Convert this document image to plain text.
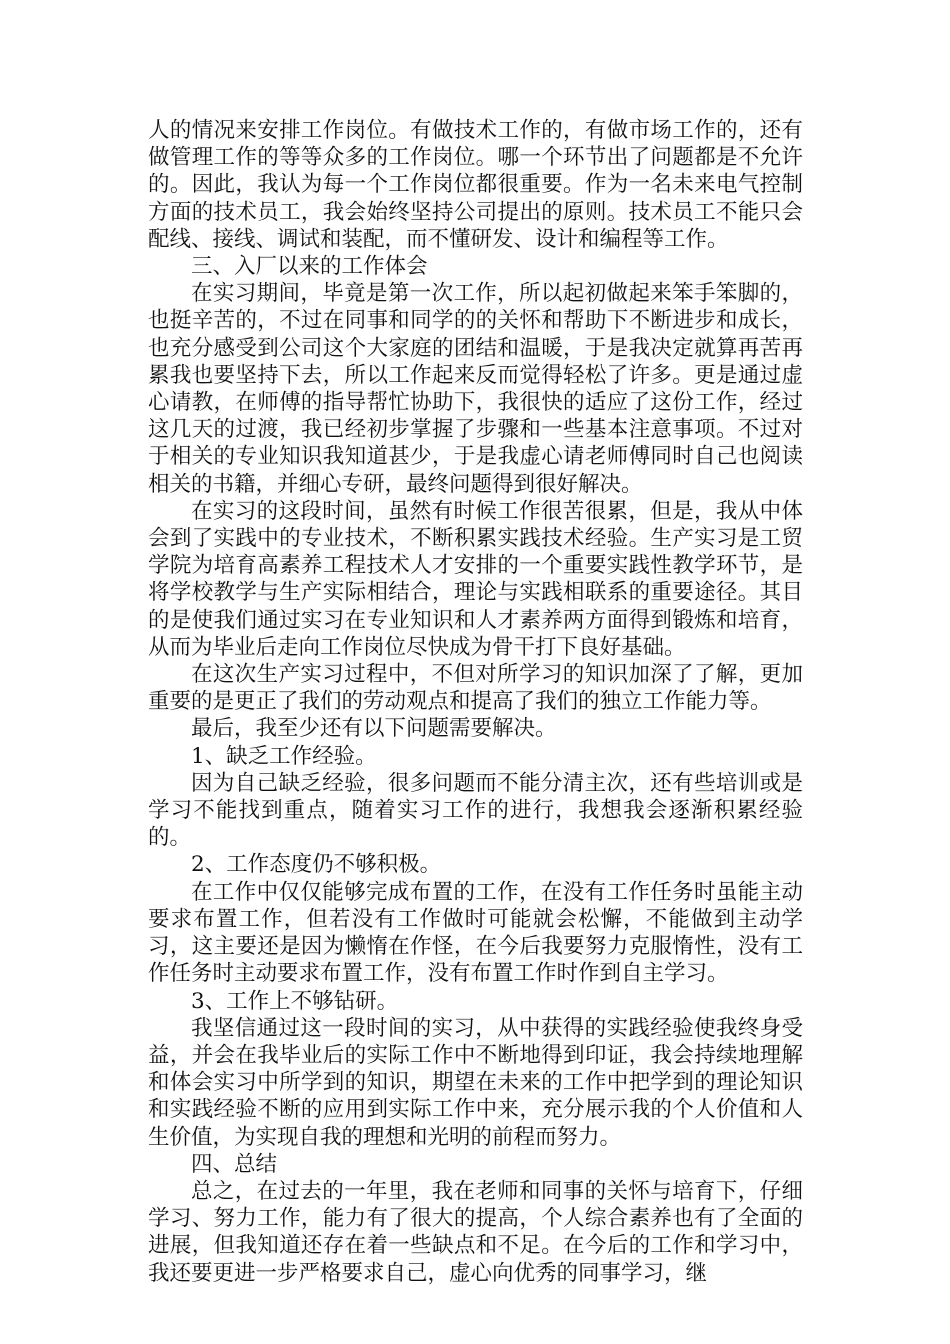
人的情况来安排工作岗位。有做技术工作的，有做市场工作的，还有做管理工作的等等众多的工作岗位。哪一个环节出了问题都是不允许的。因此，我认为每一个工作岗位都很重要。作为一名未来电气控制方面的技术员工，我会始终坚持公司提出的原则。技术员工不能只会配线、接线、调试和装配，而不懂研发、设计和编程等工作。

三、入厂以来的工作体会

在实习期间，毕竟是第一次工作，所以起初做起来笨手笨脚的，也挺辛苦的，不过在同事和同学的的关怀和帮助下不断进步和成长，也充分感受到公司这个大家庭的团结和温暖，于是我决定就算再苦再累我也要坚持下去，所以工作起来反而觉得轻松了许多。更是通过虚心请教，在师傅的指导帮忙协助下，我很快的适应了这份工作，经过这几天的过渡，我已经初步掌握了步骤和一些基本注意事项。不过对于相关的专业知识我知道甚少，于是我虚心请老师傅同时自己也阅读相关的书籍，并细心专研，最终问题得到很好解决。

在实习的这段时间，虽然有时候工作很苦很累，但是，我从中体会到了实践中的专业技术，不断积累实践技术经验。生产实习是工贸学院为培育高素养工程技术人才安排的一个重要实践性教学环节，是将学校教学与生产实际相结合，理论与实践相联系的重要途径。其目的是使我们通过实习在专业知识和人才素养两方面得到锻炼和培育，从而为毕业后走向工作岗位尽快成为骨干打下良好基础。

在这次生产实习过程中，不但对所学习的知识加深了了解，更加重要的是更正了我们的劳动观点和提高了我们的独立工作能力等。

最后，我至少还有以下问题需要解决。

1、缺乏工作经验。

因为自己缺乏经验，很多问题而不能分清主次，还有些培训或是学习不能找到重点，随着实习工作的进行，我想我会逐渐积累经验的。

2、工作态度仍不够积极。

在工作中仅仅能够完成布置的工作，在没有工作任务时虽能主动要求布置工作，但若没有工作做时可能就会松懈，不能做到主动学习，这主要还是因为懒惰在作怪，在今后我要努力克服惰性，没有工作任务时主动要求布置工作，没有布置工作时作到自主学习。

3、工作上不够钻研。

我坚信通过这一段时间的实习，从中获得的实践经验使我终身受益，并会在我毕业后的实际工作中不断地得到印证，我会持续地理解和体会实习中所学到的知识，期望在未来的工作中把学到的理论知识和实践经验不断的应用到实际工作中来，充分展示我的个人价值和人生价值，为实现自我的理想和光明的前程而努力。

四、总结

总之，在过去的一年里，我在老师和同事的关怀与培育下，仔细学习、努力工作，能力有了很大的提高，个人综合素养也有了全面的进展，但我知道还存在着一些缺点和不足。在今后的工作和学习中，我还要更进一步严格要求自己，虚心向优秀的同事学习，继
